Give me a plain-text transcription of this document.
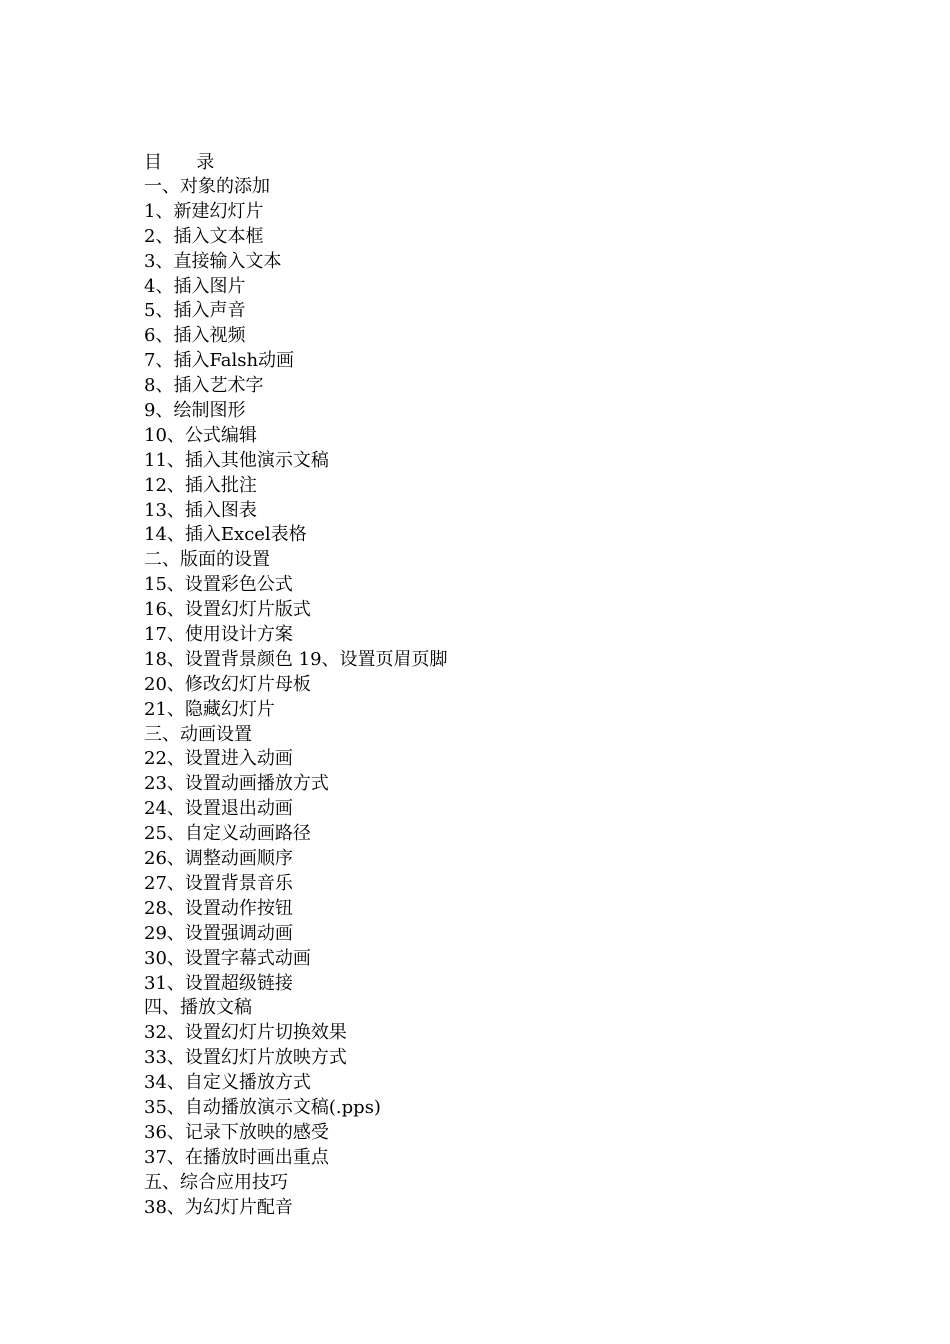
目      录
一、对象的添加
1、新建幻灯片
2、插入文本框
3、直接输入文本
4、插入图片
5、插入声音
6、插入视频
7、插入Falsh动画
8、插入艺术字
9、绘制图形
10、公式编辑
11、插入其他演示文稿
12、插入批注
13、插入图表
14、插入Excel表格
二、版面的设置
15、设置彩色公式
16、设置幻灯片版式
17、使用设计方案
18、设置背景颜色 19、设置页眉页脚
20、修改幻灯片母板
21、隐藏幻灯片
三、动画设置
22、设置进入动画
23、设置动画播放方式
24、设置退出动画
25、自定义动画路径
26、调整动画顺序
27、设置背景音乐
28、设置动作按钮
29、设置强调动画
30、设置字幕式动画
31、设置超级链接
四、播放文稿
32、设置幻灯片切换效果
33、设置幻灯片放映方式
34、自定义播放方式
35、自动播放演示文稿(.pps)
36、记录下放映的感受
37、在播放时画出重点
五、综合应用技巧
38、为幻灯片配音
